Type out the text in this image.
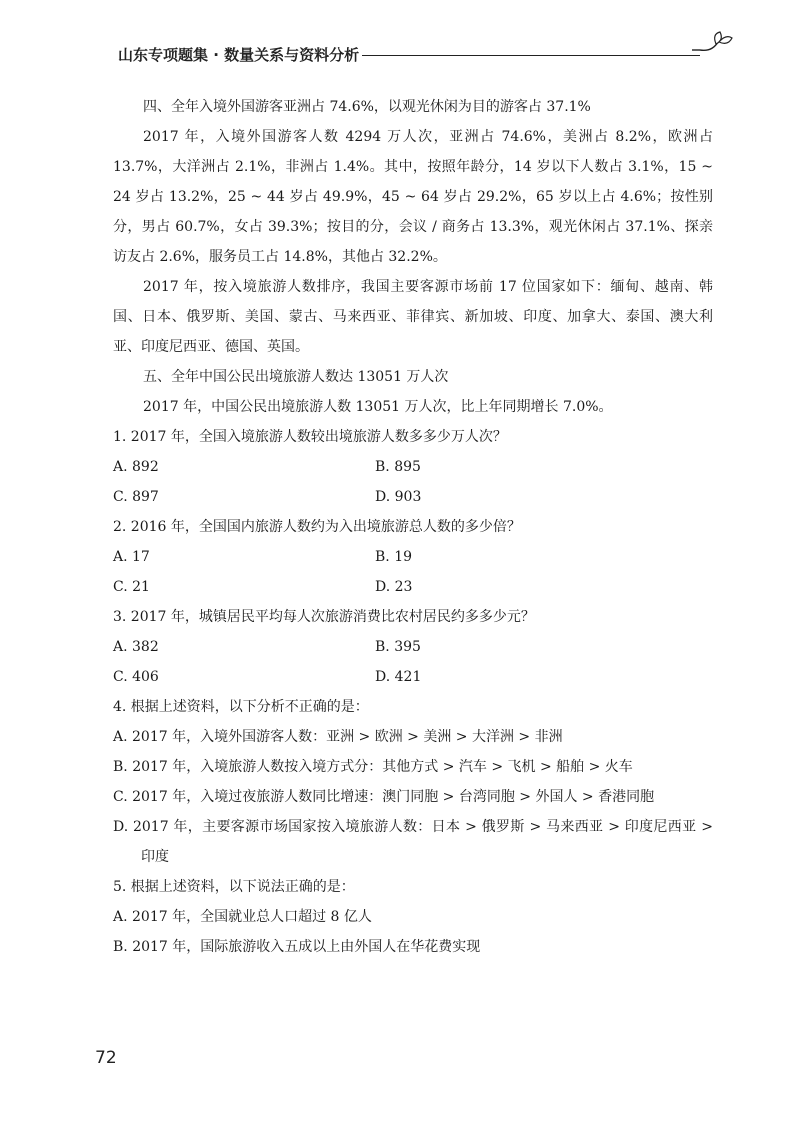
山东专项题集 · 数量关系与资料分析

四、全年入境外国游客亚洲占 74.6%，以观光休闲为目的游客占 37.1%

2017 年，入境外国游客人数 4294 万人次，亚洲占 74.6%，美洲占 8.2%，欧洲占 13.7%，大洋洲占 2.1%，非洲占 1.4%。其中，按照年龄分，14 岁以下人数占 3.1%，15 ~ 24 岁占 13.2%，25 ~ 44 岁占 49.9%，45 ~ 64 岁占 29.2%，65 岁以上占 4.6%；按性别分，男占 60.7%，女占 39.3%；按目的分，会议 / 商务占 13.3%，观光休闲占 37.1%、探亲访友占 2.6%，服务员工占 14.8%，其他占 32.2%。

2017 年，按入境旅游人数排序，我国主要客源市场前 17 位国家如下：缅甸、越南、韩国、日本、俄罗斯、美国、蒙古、马来西亚、菲律宾、新加坡、印度、加拿大、泰国、澳大利亚、印度尼西亚、德国、英国。

五、全年中国公民出境旅游人数达 13051 万人次

2017 年，中国公民出境旅游人数 13051 万人次，比上年同期增长 7.0%。

1. 2017 年，全国入境旅游人数较出境旅游人数多多少万人次？

A. 892	B. 895
C. 897	D. 903

2. 2016 年，全国国内旅游人数约为入出境旅游总人数的多少倍？

A. 17	B. 19
C. 21	D. 23

3. 2017 年，城镇居民平均每人次旅游消费比农村居民约多多少元？

A. 382	B. 395
C. 406	D. 421

4. 根据上述资料，以下分析不正确的是：

A. 2017 年，入境外国游客人数：亚洲 > 欧洲 > 美洲 > 大洋洲 > 非洲

B. 2017 年，入境旅游人数按入境方式分：其他方式 > 汽车 > 飞机 > 船舶 > 火车

C. 2017 年，入境过夜旅游人数同比增速：澳门同胞 > 台湾同胞 > 外国人 > 香港同胞

D. 2017 年，主要客源市场国家按入境旅游人数：日本 > 俄罗斯 > 马来西亚 > 印度尼西亚 > 印度

5. 根据上述资料，以下说法正确的是：

A. 2017 年，全国就业总人口超过 8 亿人

B. 2017 年，国际旅游收入五成以上由外国人在华花费实现

72
